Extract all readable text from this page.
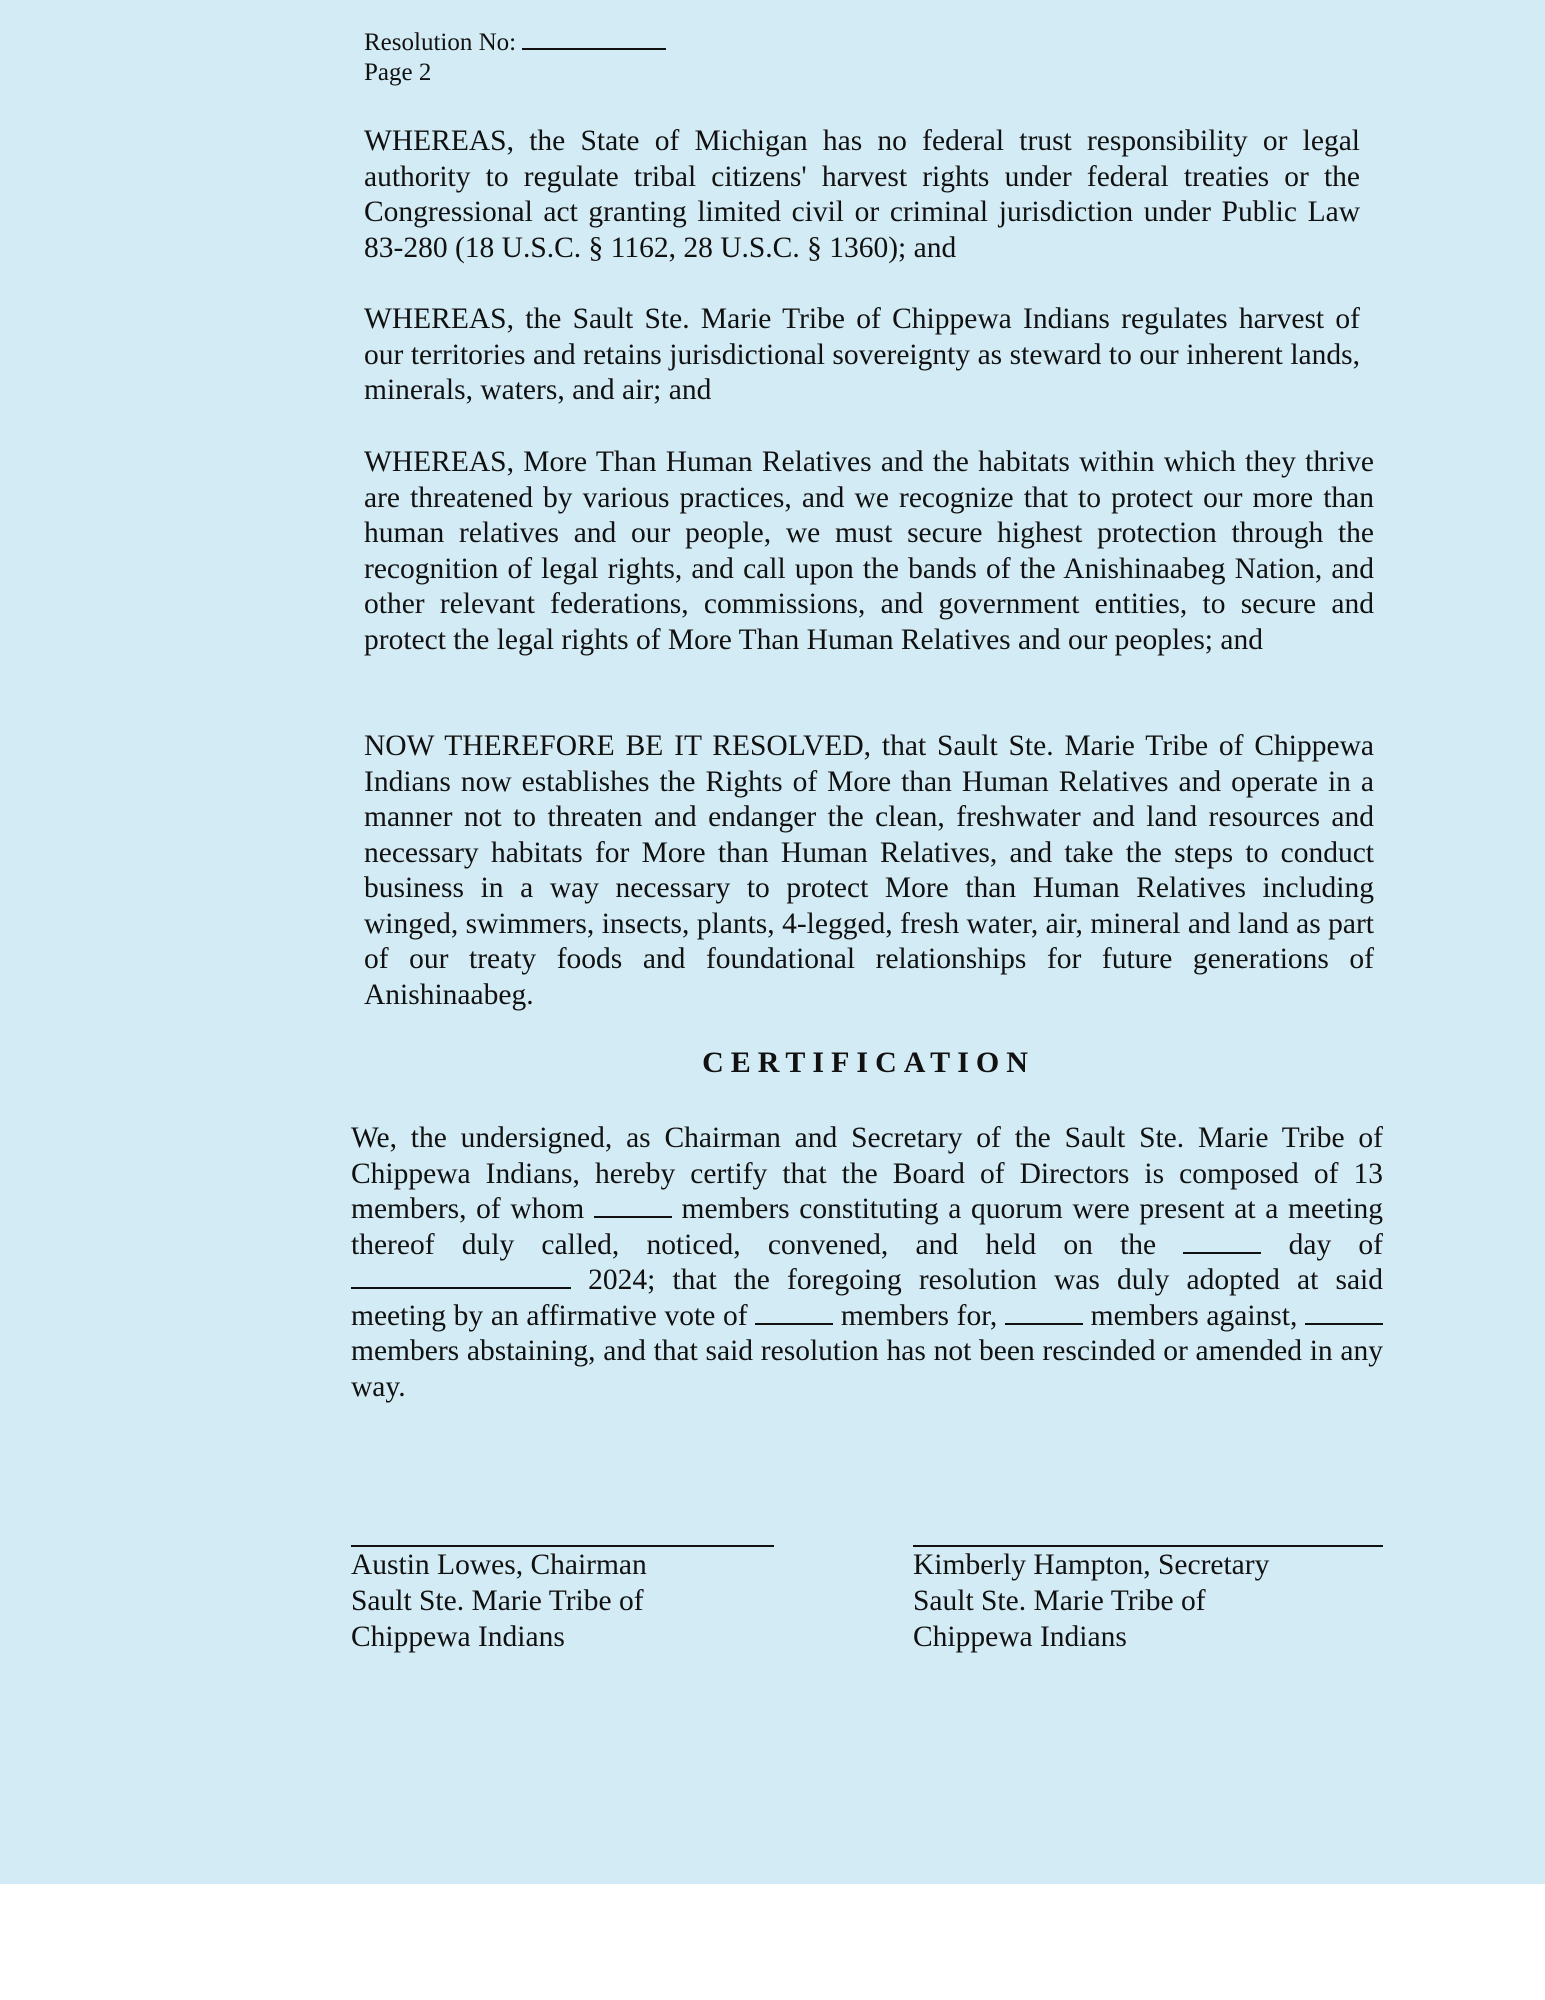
Resolution No:
Page 2

WHEREAS, the State of Michigan has no federal trust responsibility or legal authority to regulate tribal citizens' harvest rights under federal treaties or the Congressional act granting limited civil or criminal jurisdiction under Public Law 83-280 (18 U.S.C. § 1162, 28 U.S.C. § 1360); and

WHEREAS, the Sault Ste. Marie Tribe of Chippewa Indians regulates harvest of our territories and retains jurisdictional sovereignty as steward to our inherent lands, minerals, waters, and air; and

WHEREAS, More Than Human Relatives and the habitats within which they thrive are threatened by various practices, and we recognize that to protect our more than human relatives and our people, we must secure highest protection through the recognition of legal rights, and call upon the bands of the Anishinaabeg Nation, and other relevant federations, commissions, and government entities, to secure and protect the legal rights of More Than Human Relatives and our peoples; and

NOW THEREFORE BE IT RESOLVED, that Sault Ste. Marie Tribe of Chippewa Indians now establishes the Rights of More than Human Relatives and operate in a manner not to threaten and endanger the clean, freshwater and land resources and necessary habitats for More than Human Relatives, and take the steps to conduct business in a way necessary to protect More than Human Relatives including winged, swimmers, insects, plants, 4-legged, fresh water, air, mineral and land as part of our treaty foods and foundational relationships for future generations of Anishinaabeg.

CERTIFICATION

We, the undersigned, as Chairman and Secretary of the Sault Ste. Marie Tribe of Chippewa Indians, hereby certify that the Board of Directors is composed of 13 members, of whom	members constituting a quorum were present at a meeting thereof duly called, noticed, convened, and held on the	day of  2024; that the foregoing resolution was duly adopted at said meeting by an affirmative vote of	members for,	members against,  members abstaining, and that said resolution has not been rescinded or amended in any way.

Austin Lowes, Chairman
Sault Ste. Marie Tribe of
Chippewa Indians
Kimberly Hampton, Secretary
Sault Ste. Marie Tribe of
Chippewa Indians
